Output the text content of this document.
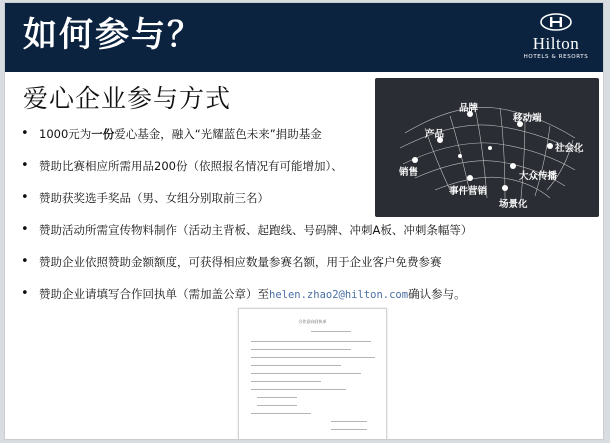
如何参与？	Hilton
HOTELS & RESORTS
爱心企业参与方式
• 1000元为一份爱心基金，融入“光耀蓝色未来”捐助基金
• 赞助比赛相应所需用品200份（依照报名情况有可能增加）、
• 赞助获奖选手奖品（男、女组分别取前三名）
• 赞助活动所需宣传物料制作（活动主背板、起跑线、号码牌、冲刺A板、冲刺条幅等）
• 赞助企业依照赞助金额额度，可获得相应数量参赛名额，用于企业客户免费参赛
• 赞助企业请填写合作回执单（需加盖公章）至helen.zhao2@hilton.com确认参与。
品牌
移动端
产品
社会化
销售	大众传播
事件营销
场景化
合作意向回执单
